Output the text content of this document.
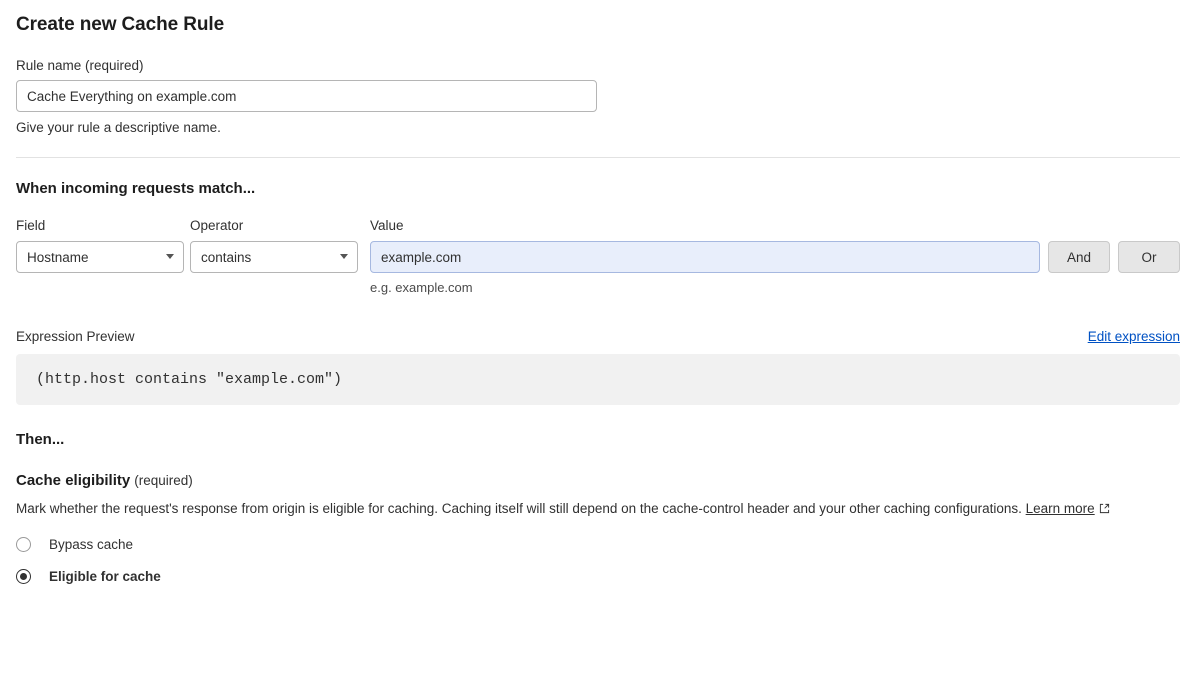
Create new Cache Rule
Rule name (required)
Cache Everything on example.com
Give your rule a descriptive name.
When incoming requests match...
Field
Hostname
Operator
contains
Value
example.com
e.g. example.com
And	Or
Expression Preview	Edit expression
(http.host contains "example.com")
Then...
Cache eligibility (required)
Mark whether the request's response from origin is eligible for caching. Caching itself will still depend on the cache-control header and your other caching configurations. Learn more
Bypass cache
Eligible for cache
